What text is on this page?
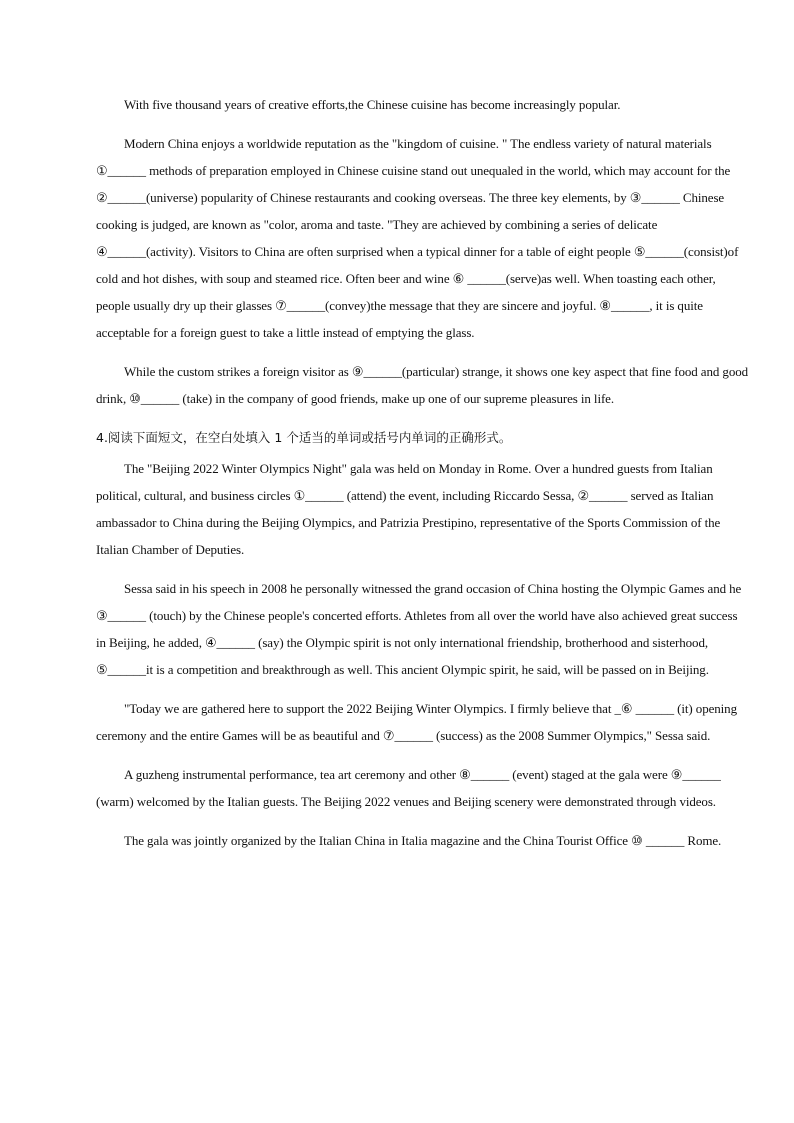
With five thousand years of creative efforts,the Chinese cuisine has become increasingly popular.

Modern China enjoys a worldwide reputation as the "kingdom of cuisine. " The endless variety of natural materials ①______ methods of preparation employed in Chinese cuisine stand out unequaled in the world, which may account for the ②______(universe) popularity of Chinese restaurants and cooking overseas. The three key elements, by ③______ Chinese cooking is judged, are known as "color, aroma and taste. "They are achieved by combining a series of delicate ④______(activity). Visitors to China are often surprised when a typical dinner for a table of eight people ⑤______(consist)of cold and hot dishes, with soup and steamed rice. Often beer and wine ⑥ ______(serve)as well. When toasting each other, people usually dry up their glasses ⑦______(convey)the message that they are sincere and joyful. ⑧______, it is quite acceptable for a foreign guest to take a little instead of emptying the glass.

While the custom strikes a foreign visitor as ⑨______(particular) strange, it shows one key aspect that fine food and good drink, ⑩______ (take) in the company of good friends, make up one of our supreme pleasures in life.

4.阅读下面短文，在空白处填入 1 个适当的单词或括号内单词的正确形式。

The "Beijing 2022 Winter Olympics Night" gala was held on Monday in Rome. Over a hundred guests from Italian political, cultural, and business circles ①______ (attend) the event, including Riccardo Sessa, ②______ served as Italian ambassador to China during the Beijing Olympics, and Patrizia Prestipino, representative of the Sports Commission of the Italian Chamber of Deputies.

Sessa said in his speech in 2008 he personally witnessed the grand occasion of China hosting the Olympic Games and he ③______ (touch) by the Chinese people's concerted efforts. Athletes from all over the world have also achieved great success in Beijing, he added, ④______ (say) the Olympic spirit is not only international friendship, brotherhood and sisterhood, ⑤______it is a competition and breakthrough as well. This ancient Olympic spirit, he said, will be passed on in Beijing.

"Today we are gathered here to support the 2022 Beijing Winter Olympics. I firmly believe that _⑥ ______ (it) opening ceremony and the entire Games will be as beautiful and ⑦______ (success) as the 2008 Summer Olympics," Sessa said.

A guzheng instrumental performance, tea art ceremony and other ⑧______ (event) staged at the gala were ⑨______ (warm) welcomed by the Italian guests. The Beijing 2022 venues and Beijing scenery were demonstrated through videos.

The gala was jointly organized by the Italian China in Italia magazine and the China Tourist Office ⑩ ______ Rome.
